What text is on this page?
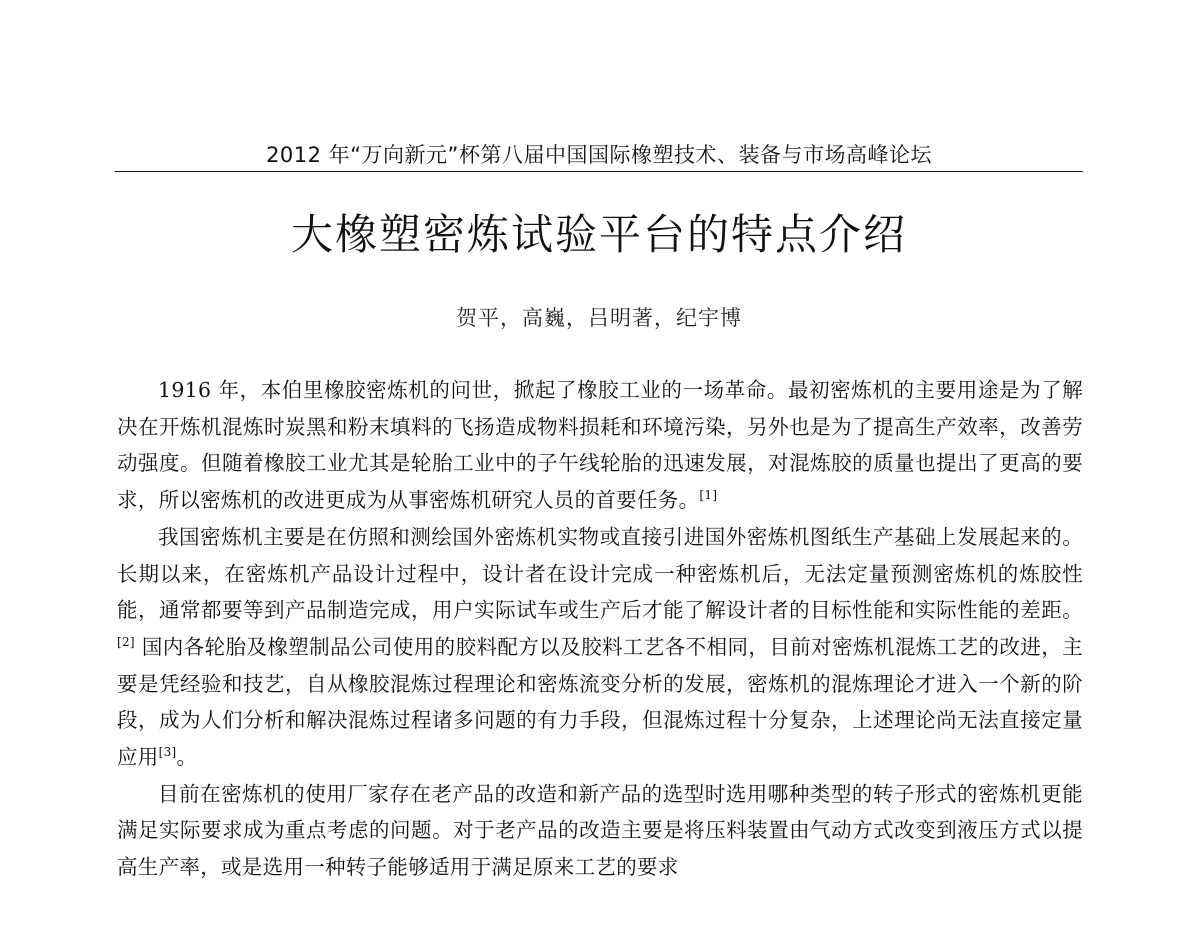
2012 年“万向新元”杯第八届中国国际橡塑技术、装备与市场高峰论坛
大橡塑密炼试验平台的特点介绍
贺平，高巍，吕明著，纪宇博

1916 年，本伯里橡胶密炼机的问世，掀起了橡胶工业的一场革命。最初密炼机的主要用途是为了解决在开炼机混炼时炭黑和粉末填料的飞扬造成物料损耗和环境污染，另外也是为了提高生产效率，改善劳动强度。但随着橡胶工业尤其是轮胎工业中的子午线轮胎的迅速发展，对混炼胶的质量也提出了更高的要求，所以密炼机的改进更成为从事密炼机研究人员的首要任务。[1]

我国密炼机主要是在仿照和测绘国外密炼机实物或直接引进国外密炼机图纸生产基础上发展起来的。长期以来，在密炼机产品设计过程中，设计者在设计完成一种密炼机后，无法定量预测密炼机的炼胶性能，通常都要等到产品制造完成，用户实际试车或生产后才能了解设计者的目标性能和实际性能的差距。[2] 国内各轮胎及橡塑制品公司使用的胶料配方以及胶料工艺各不相同，目前对密炼机混炼工艺的改进，主要是凭经验和技艺，自从橡胶混炼过程理论和密炼流变分析的发展，密炼机的混炼理论才进入一个新的阶段，成为人们分析和解决混炼过程诸多问题的有力手段，但混炼过程十分复杂，上述理论尚无法直接定量应用[3]。

目前在密炼机的使用厂家存在老产品的改造和新产品的选型时选用哪种类型的转子形式的密炼机更能满足实际要求成为重点考虑的问题。对于老产品的改造主要是将压料装置由气动方式改变到液压方式以提高生产率，或是选用一种转子能够适用于满足原来工艺的要求
